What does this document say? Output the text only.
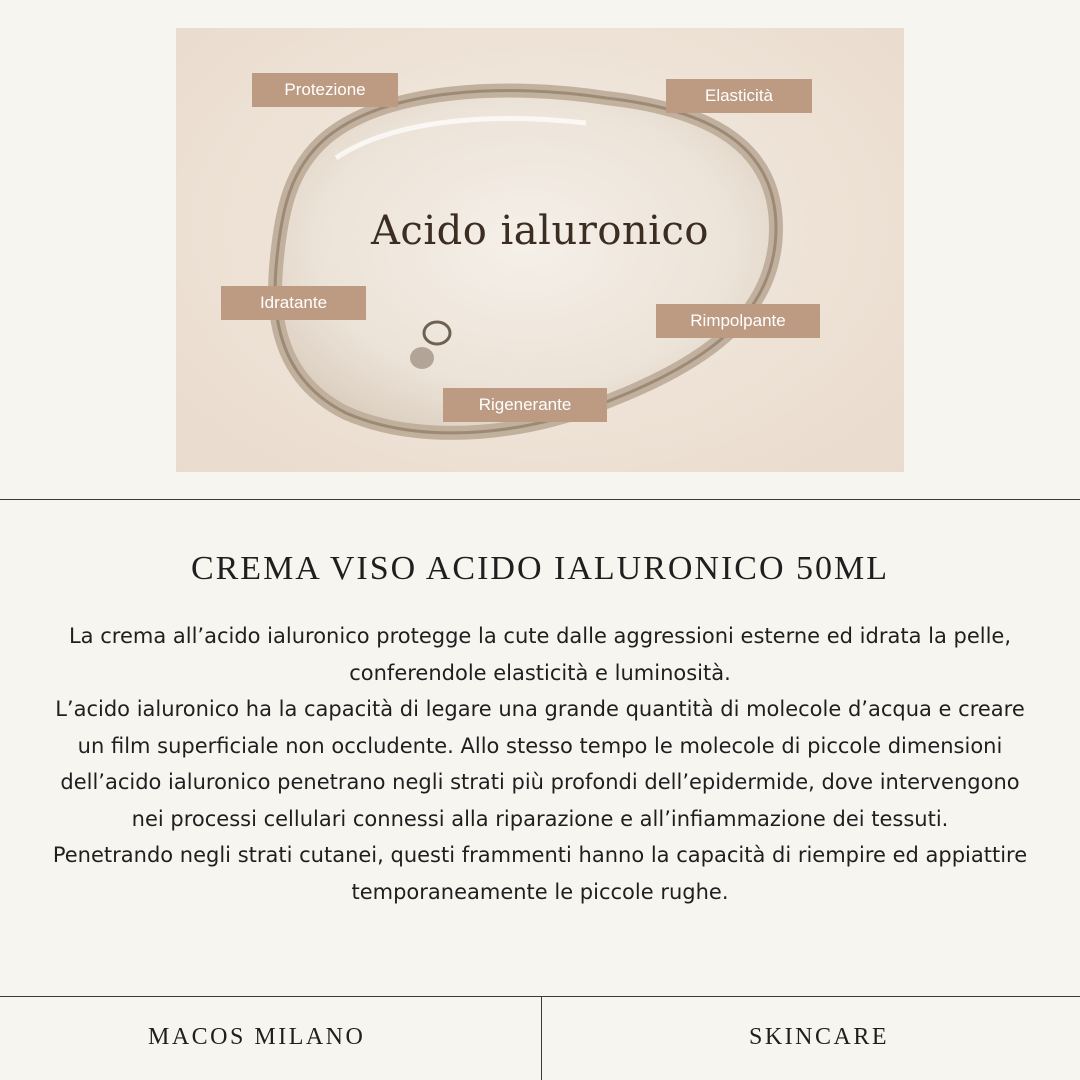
Acido ialuronico
Protezione	Elasticità
Idratante
Rimpolpante
Rigenerante
CREMA VISO ACIDO IALURONICO 50ML

La crema all’acido ialuronico protegge la cute dalle aggressioni esterne ed idrata la pelle, conferendole elasticità e luminosità.

L’acido ialuronico ha la capacità di legare una grande quantità di molecole d’acqua e creare un film superficiale non occludente. Allo stesso tempo le molecole di piccole dimensioni dell’acido ialuronico penetrano negli strati più profondi dell’epidermide, dove intervengono nei processi cellulari connessi alla riparazione e all’infiammazione dei tessuti.

Penetrando negli strati cutanei, questi frammenti hanno la capacità di riempire ed appiattire temporaneamente le piccole rughe.

MACOS MILANO	SKINCARE
